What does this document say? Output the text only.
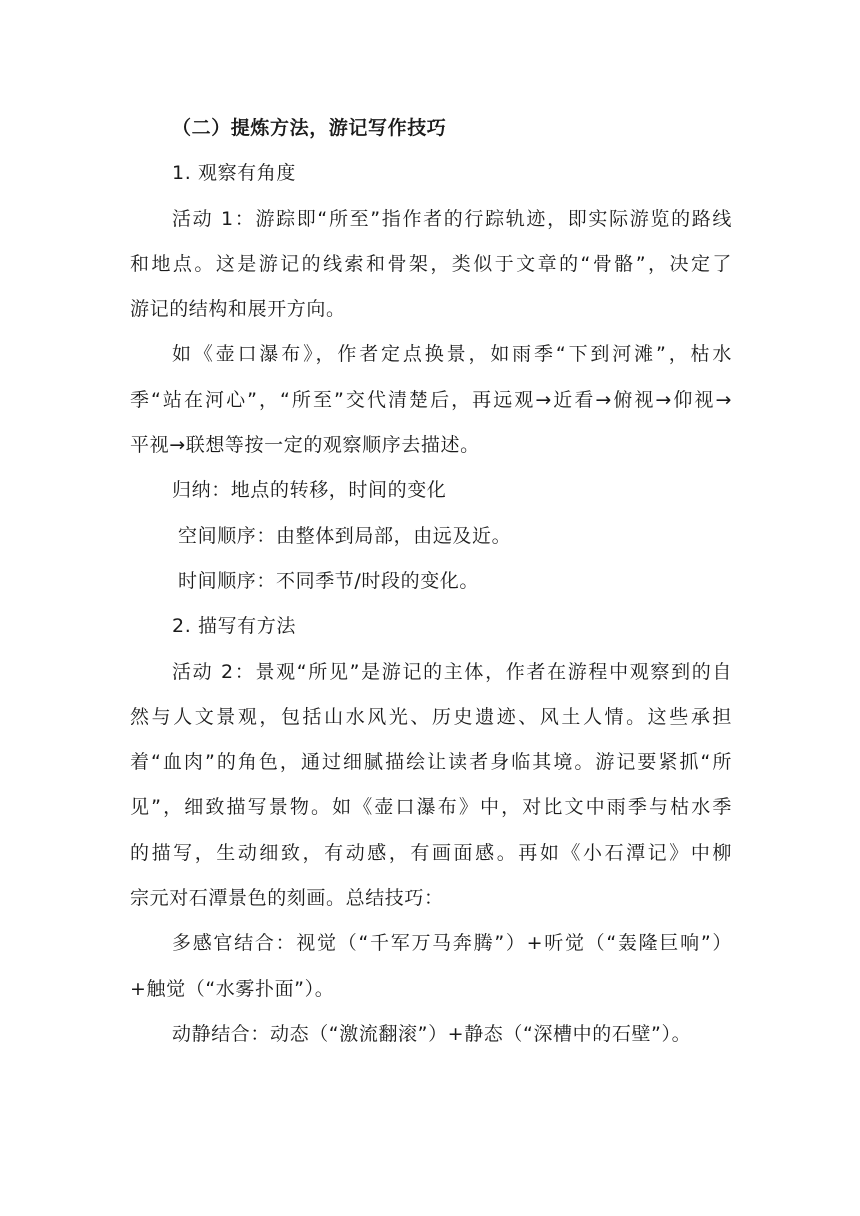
（二）提炼方法，游记写作技巧
1. 观察有角度
活动 1：游踪即“所至”指作者的行踪轨迹，即实际游览的路线
和地点。这是游记的线索和骨架，类似于文章的“骨骼”，决定了
游记的结构和展开方向。
如《壶口瀑布》，作者定点换景，如雨季“下到河滩”，枯水
季“站在河心”，“所至”交代清楚后，再远观→近看→俯视→仰视→
平视→联想等按一定的观察顺序去描述。
归纳：地点的转移，时间的变化
空间顺序：由整体到局部，由远及近。
时间顺序：不同季节/时段的变化。
2. 描写有方法
活动 2：景观“所见”是游记的主体，作者在游程中观察到的自
然与人文景观，包括山水风光、历史遗迹、风土人情。这些承担
着“血肉”的角色，通过细腻描绘让读者身临其境。游记要紧抓“所
见”，细致描写景物。如《壶口瀑布》中，对比文中雨季与枯水季
的描写，生动细致，有动感，有画面感。再如《小石潭记》中柳
宗元对石潭景色的刻画。总结技巧：
多感官结合：视觉（“千军万马奔腾”）+听觉（“轰隆巨响”）
+触觉（“水雾扑面”）。
动静结合：动态（“激流翻滚”）+静态（“深槽中的石壁”）。
